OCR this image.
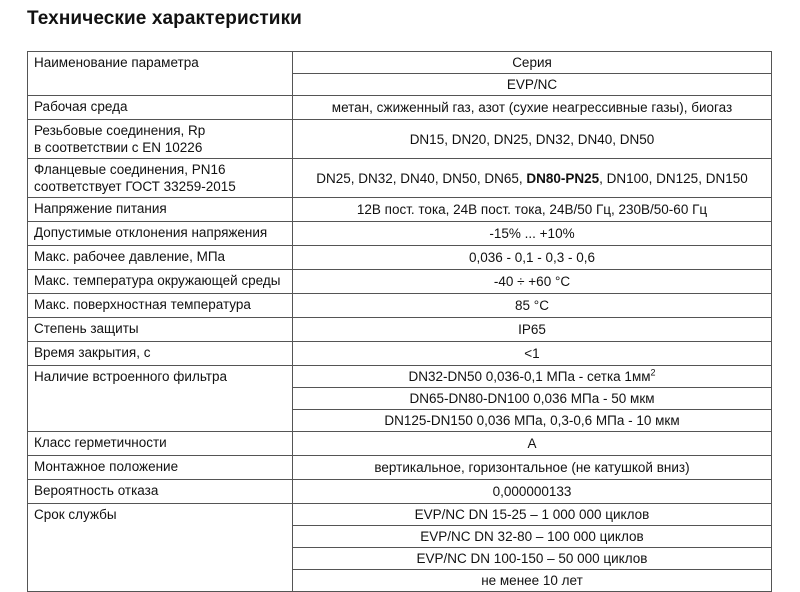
Технические характеристики
Наименование параметра	Серия
	EVP/NC
Рабочая среда	метан, сжиженный газ, азот (сухие неагрессивные газы), биогаз
Резьбовые соединения, Rp
в соответствии с EN 10226	DN15, DN20, DN25, DN32, DN40, DN50
Фланцевые соединения, PN16
соответствует ГОСТ 33259-2015	DN25, DN32, DN40, DN50, DN65, DN80-PN25, DN100, DN125, DN150
Напряжение питания	12В пост. тока, 24В пост. тока, 24В/50 Гц, 230В/50-60 Гц
Допустимые отклонения напряжения	-15% ... +10%
Макс. рабочее давление, МПа	0,036 - 0,1 - 0,3 - 0,6
Макс. температура окружающей среды	-40 ÷ +60 °C
Макс. поверхностная температура	85 °C
Степень защиты	IP65
Время закрытия, с	<1
Наличие встроенного фильтра	DN32-DN50 0,036-0,1 МПа - сетка $1мм^2$
	DN65-DN80-DN100 0,036 МПа - 50 мкм
	DN125-DN150 0,036 МПа, 0,3-0,6 МПа - 10 мкм
Класс герметичности	A
Монтажное положение	вертикальное, горизонтальное (не катушкой вниз)
Вероятность отказа	0,000000133
Срок службы	EVP/NC DN 15-25 – 1 000 000 циклов
	EVP/NC DN 32-80 – 100 000 циклов
	EVP/NC DN 100-150 – 50 000 циклов
	не менее 10 лет
